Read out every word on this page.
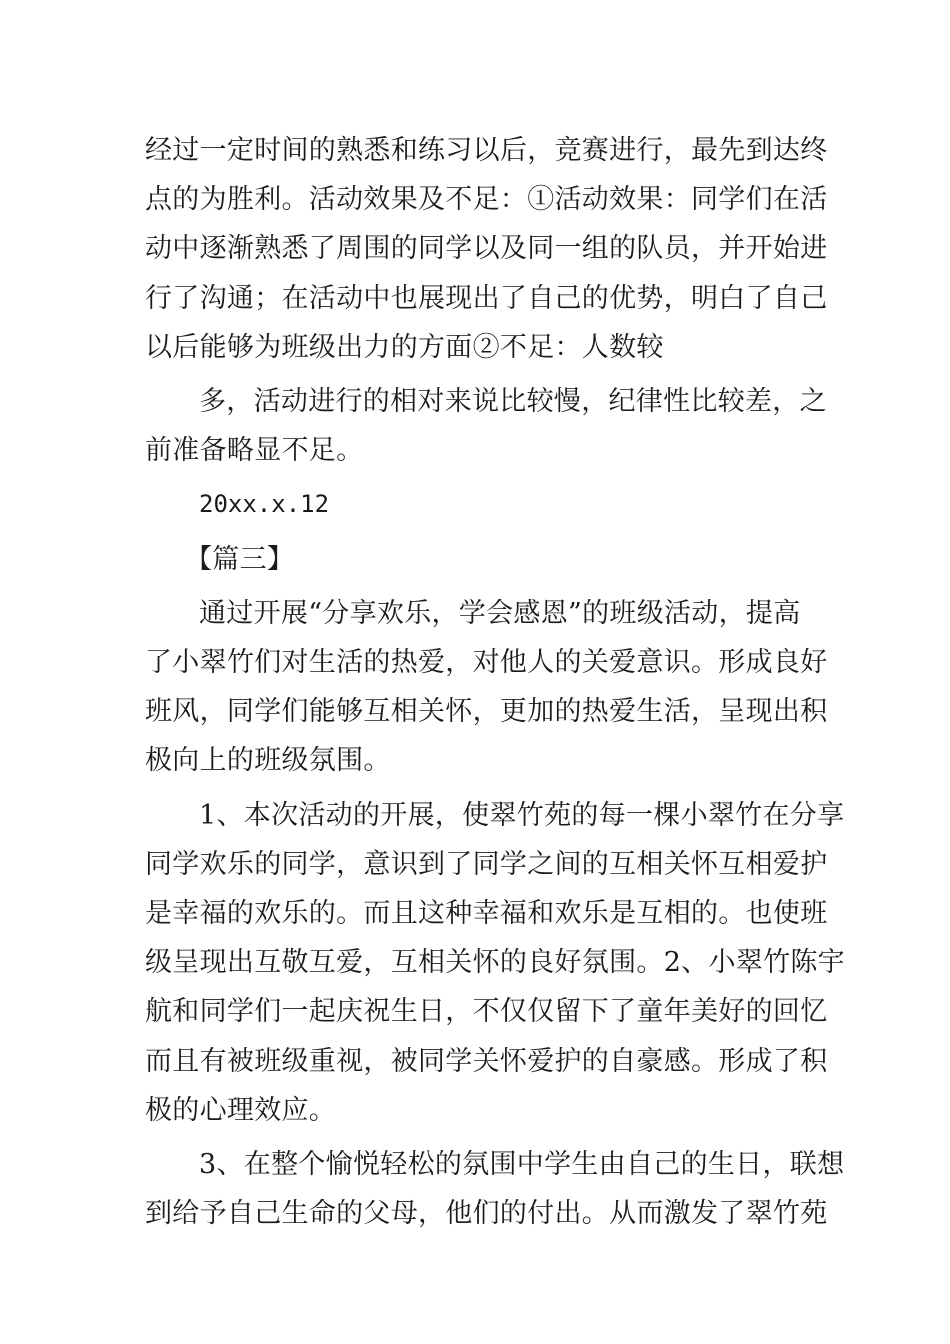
经过一定时间的熟悉和练习以后，竞赛进行，最先到达终
点的为胜利。活动效果及不足：①活动效果：同学们在活
动中逐渐熟悉了周围的同学以及同一组的队员，并开始进
行了沟通；在活动中也展现出了自己的优势，明白了自己
以后能够为班级出力的方面②不足：人数较
多，活动进行的相对来说比较慢，纪律性比较差，之
前准备略显不足。
20xx.x.12
【篇三】
通过开展“分享欢乐，学会感恩”的班级活动，提高
了小翠竹们对生活的热爱，对他人的关爱意识。形成良好
班风，同学们能够互相关怀，更加的热爱生活，呈现出积
极向上的班级氛围。
1、本次活动的开展，使翠竹苑的每一棵小翠竹在分享
同学欢乐的同学，意识到了同学之间的互相关怀互相爱护
是幸福的欢乐的。而且这种幸福和欢乐是互相的。也使班
级呈现出互敬互爱，互相关怀的良好氛围。2、小翠竹陈宇
航和同学们一起庆祝生日，不仅仅留下了童年美好的回忆
而且有被班级重视，被同学关怀爱护的自豪感。形成了积
极的心理效应。
3、在整个愉悦轻松的氛围中学生由自己的生日，联想
到给予自己生命的父母，他们的付出。从而激发了翠竹苑
